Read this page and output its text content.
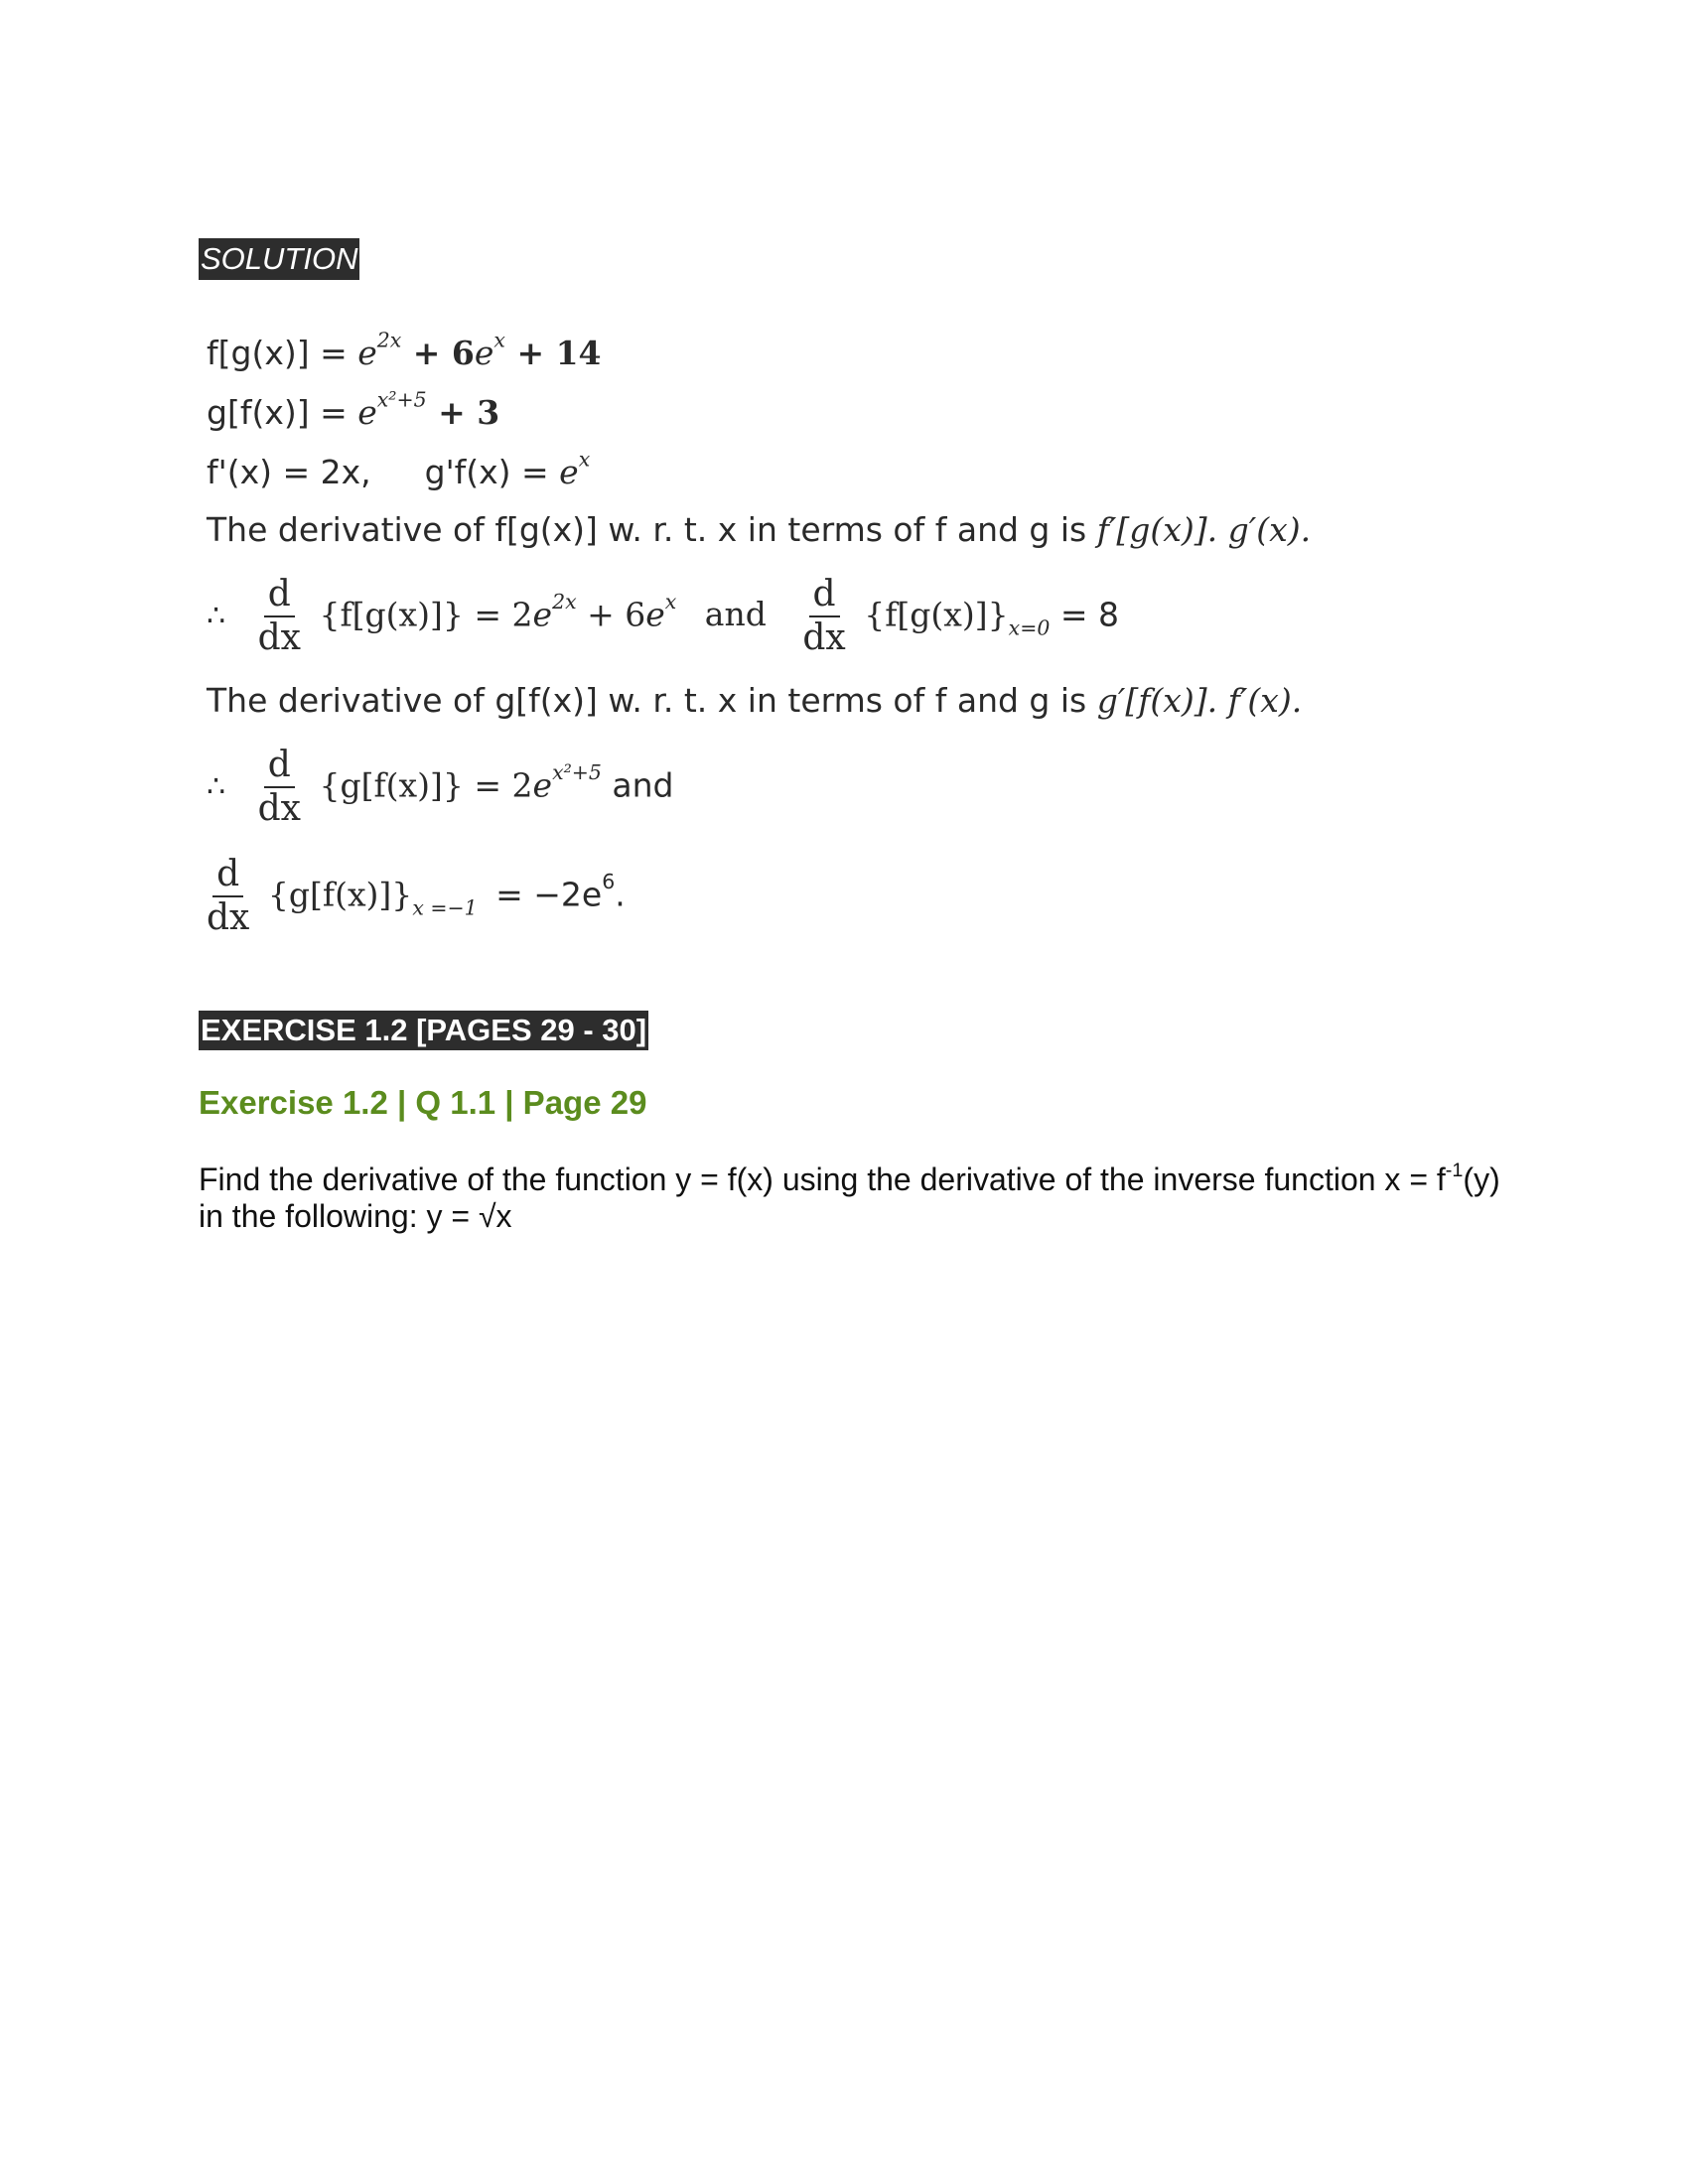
SOLUTION
$f[g(x)] = e^{2x} + 6e^x + 14$
$g[f(x)] = e^{x^2+5} + 3$
f'(x) = 2x, $g'f(x) = e^x$
The derivative of f[g(x)] w. r. t. x in terms of f and g is f′[g(x)]. g′(x).
∴ $\frac{d}{dx} \{f[g(x)]\} = 2e^{2x} + 6e^x$ and $\frac{d}{dx} \{f[g(x)]\}_{x=0} = 8$
The derivative of g[f(x)] w. r. t. x in terms of f and g is g′[f(x)]. f′(x).
∴ $\frac{d}{dx} \{g[f(x)]\} = 2e^{x^2+5}$ and
$\frac{d}{dx} \{g[f(x)]\}_{x =-1} = -2e^6$.
EXERCISE 1.2 [PAGES 29 - 30]
Exercise 1.2 | Q 1.1 | Page 29
Find the derivative of the function y = f(x) using the derivative of the inverse function $x = f^{-1}(y)$ in the following: y = √x
